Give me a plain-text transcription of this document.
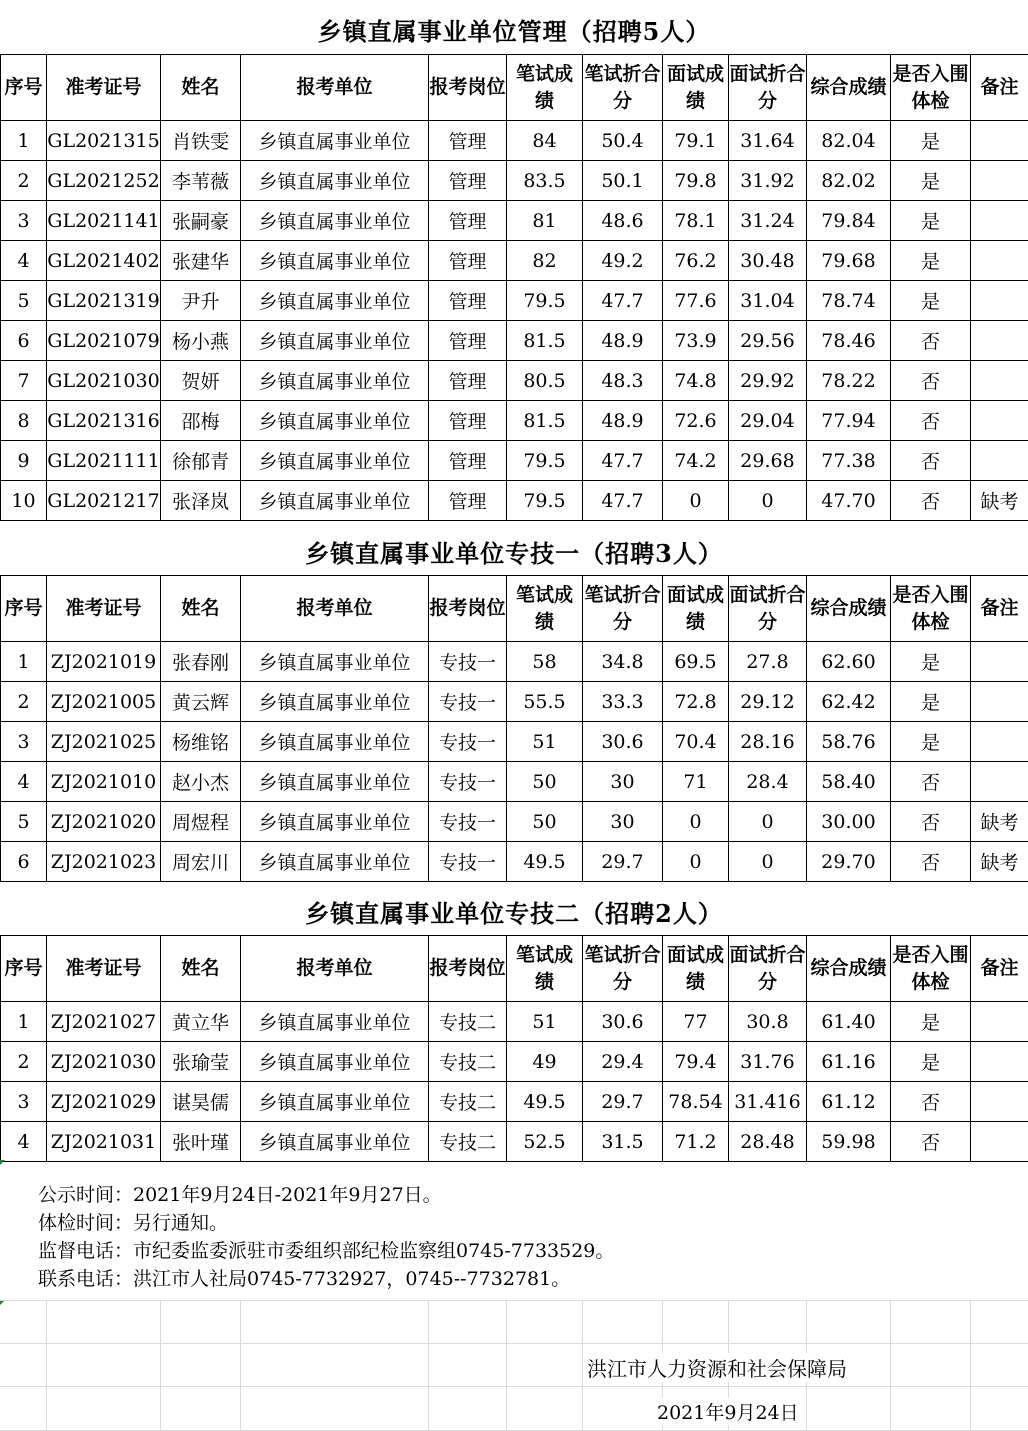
乡镇直属事业单位管理（招聘5人）
序号	准考证号	姓名	报考单位	报考岗位	笔试成绩	笔试折合分	面试成绩	面试折合分	综合成绩	是否入围体检	备注
1	GL2021315	肖铁雯	乡镇直属事业单位	管理	84	50.4	79.1	31.64	82.04	是	
2	GL2021252	李苇薇	乡镇直属事业单位	管理	83.5	50.1	79.8	31.92	82.02	是	
3	GL2021141	张嗣豪	乡镇直属事业单位	管理	81	48.6	78.1	31.24	79.84	是	
4	GL2021402	张建华	乡镇直属事业单位	管理	82	49.2	76.2	30.48	79.68	是	
5	GL2021319	尹升	乡镇直属事业单位	管理	79.5	47.7	77.6	31.04	78.74	是	
6	GL2021079	杨小燕	乡镇直属事业单位	管理	81.5	48.9	73.9	29.56	78.46	否	
7	GL2021030	贺妍	乡镇直属事业单位	管理	80.5	48.3	74.8	29.92	78.22	否	
8	GL2021316	邵梅	乡镇直属事业单位	管理	81.5	48.9	72.6	29.04	77.94	否	
9	GL2021111	徐郁青	乡镇直属事业单位	管理	79.5	47.7	74.2	29.68	77.38	否	
10	GL2021217	张泽岚	乡镇直属事业单位	管理	79.5	47.7	0	0	47.70	否	缺考
乡镇直属事业单位专技一（招聘3人）
序号	准考证号	姓名	报考单位	报考岗位	笔试成绩	笔试折合分	面试成绩	面试折合分	综合成绩	是否入围体检	备注
1	ZJ2021019	张春刚	乡镇直属事业单位	专技一	58	34.8	69.5	27.8	62.60	是	
2	ZJ2021005	黄云辉	乡镇直属事业单位	专技一	55.5	33.3	72.8	29.12	62.42	是	
3	ZJ2021025	杨维铭	乡镇直属事业单位	专技一	51	30.6	70.4	28.16	58.76	是	
4	ZJ2021010	赵小杰	乡镇直属事业单位	专技一	50	30	71	28.4	58.40	否	
5	ZJ2021020	周煜程	乡镇直属事业单位	专技一	50	30	0	0	30.00	否	缺考
6	ZJ2021023	周宏川	乡镇直属事业单位	专技一	49.5	29.7	0	0	29.70	否	缺考
乡镇直属事业单位专技二（招聘2人）
序号	准考证号	姓名	报考单位	报考岗位	笔试成绩	笔试折合分	面试成绩	面试折合分	综合成绩	是否入围体检	备注
1	ZJ2021027	黄立华	乡镇直属事业单位	专技二	51	30.6	77	30.8	61.40	是	
2	ZJ2021030	张瑜莹	乡镇直属事业单位	专技二	49	29.4	79.4	31.76	61.16	是	
3	ZJ2021029	谌昊儒	乡镇直属事业单位	专技二	49.5	29.7	78.54	31.416	61.12	否	
4	ZJ2021031	张叶瑾	乡镇直属事业单位	专技二	52.5	31.5	71.2	28.48	59.98	否	
公示时间：2021年9月24日-2021年9月27日。
体检时间：另行通知。
监督电话：市纪委监委派驻市委组织部纪检监察组0745-7733529。
联系电话：洪江市人社局0745-7732927，0745--7732781。
洪江市人力资源和社会保障局
2021年9月24日
